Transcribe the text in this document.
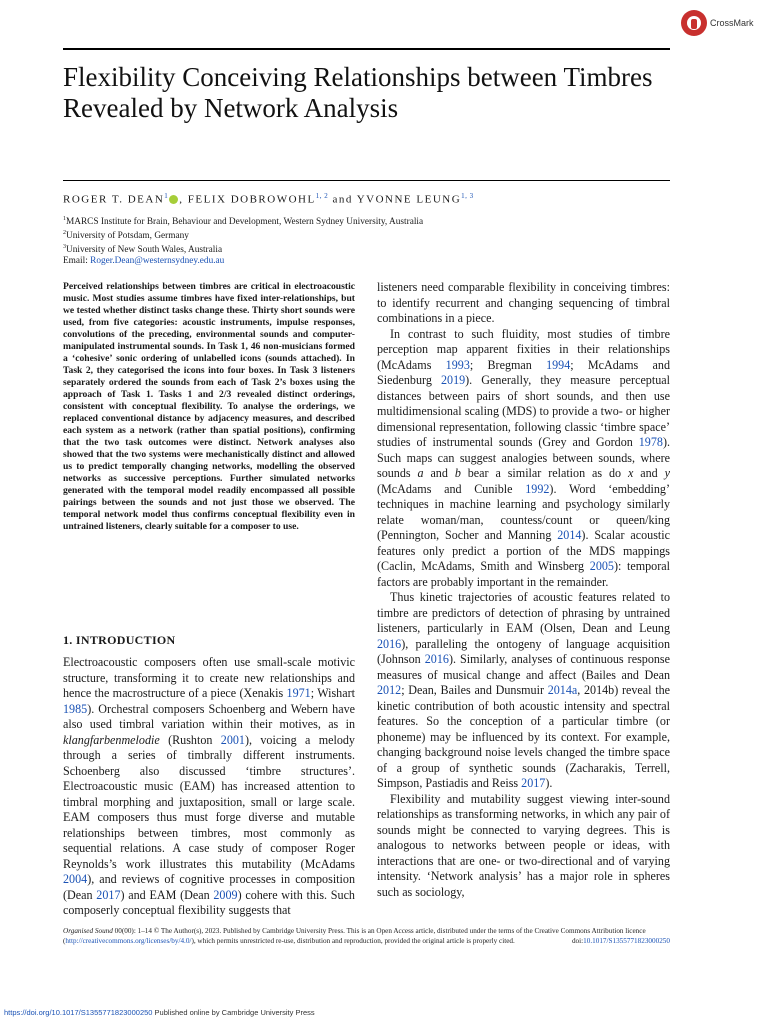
CrossMark
Flexibility Conceiving Relationships between Timbres Revealed by Network Analysis
ROGER T. DEAN$^1$ , FELIX DOBROWOHL$^{1, 2}$ and YVONNE LEUNG$^{1, 3}$
$^1$MARCS Institute for Brain, Behaviour and Development, Western Sydney University, Australia
$^2$University of Potsdam, Germany
$^3$University of New South Wales, Australia
Email: Roger.Dean@westernsydney.edu.au

Perceived relationships between timbres are critical in electroacoustic music. Most studies assume timbres have fixed inter-relationships, but we tested whether distinct tasks change these. Thirty short sounds were used, from five categories: acoustic instruments, impulse responses, convolutions of the preceding, environmental sounds and computer-manipulated instrumental sounds. In Task 1, 46 non-musicians formed a ‘cohesive’ sonic ordering of unlabelled icons (sounds attached). In Task 2, they categorised the icons into four boxes. In Task 3 listeners separately ordered the sounds from each of Task 2’s boxes using the approach of Task 1. Tasks 1 and 2/3 revealed distinct orderings, consistent with conceptual flexibility. To analyse the orderings, we replaced conventional distance by adjacency measures, and described each system as a network (rather than spatial positions), confirming that the two task outcomes were distinct. Network analyses also showed that the two systems were mechanistically distinct and allowed us to predict temporally changing networks, modelling the observed networks as successive perceptions. Further simulated networks generated with the temporal model readily encompassed all possible pairings between the sounds and not just those we observed. The temporal network model thus confirms conceptual flexibility even in untrained listeners, clearly suitable for a composer to use.

1. INTRODUCTION

Electroacoustic composers often use small-scale motivic structure, transforming it to create new relationships and hence the macrostructure of a piece (Xenakis 1971; Wishart 1985). Orchestral composers Schoenberg and Webern have also used timbral variation within their motives, as in klangfarbenmelodie (Rushton 2001), voicing a melody through a series of timbrally different instruments. Schoenberg also discussed ‘timbre structures’. Electroacoustic music (EAM) has increased attention to timbral morphing and juxtaposition, small or large scale. EAM composers thus must forge diverse and mutable relationships between timbres, most commonly as sequential relations. A case study of composer Roger Reynolds’s work illustrates this mutability (McAdams 2004), and reviews of cognitive processes in composition (Dean 2017) and EAM (Dean 2009) cohere with this. Such composerly conceptual flexibility suggests that

listeners need comparable flexibility in conceiving timbres: to identify recurrent and changing sequencing of timbral combinations in a piece.

In contrast to such fluidity, most studies of timbre perception map apparent fixities in their relationships (McAdams 1993; Bregman 1994; McAdams and Siedenburg 2019). Generally, they measure perceptual distances between pairs of short sounds, and then use multidimensional scaling (MDS) to provide a two- or higher dimensional representation, following classic ‘timbre space’ studies of instrumental sounds (Grey and Gordon 1978). Such maps can suggest analogies between sounds, where sounds a and b bear a similar relation as do x and y (McAdams and Cunible 1992). Word ‘embedding’ techniques in machine learning and psychology similarly relate woman/man, countess/count or queen/king (Pennington, Socher and Manning 2014). Scalar acoustic features only predict a portion of the MDS mappings (Caclin, McAdams, Smith and Winsberg 2005): temporal factors are probably important in the remainder.

Thus kinetic trajectories of acoustic features related to timbre are predictors of detection of phrasing by untrained listeners, particularly in EAM (Olsen, Dean and Leung 2016), paralleling the ontogeny of language acquisition (Johnson 2016). Similarly, analyses of continuous response measures of musical change and affect (Bailes and Dean 2012; Dean, Bailes and Dunsmuir 2014a, 2014b) reveal the kinetic contribution of both acoustic intensity and spectral features. So the conception of a particular timbre (or phoneme) may be influenced by its context. For example, changing background noise levels changed the timbre space of a group of synthetic sounds (Zacharakis, Terrell, Simpson, Pastiadis and Reiss 2017).

Flexibility and mutability suggest viewing inter-sound relationships as transforming networks, in which any pair of sounds might be connected to varying degrees. This is analogous to networks between people or ideas, with interactions that are one- or two-directional and of varying intensity. ‘Network analysis’ has a major role in spheres such as sociology,

Organised Sound 00(00): 1–14 © The Author(s), 2023. Published by Cambridge University Press. This is an Open Access article, distributed under the terms of the Creative Commons Attribution licence (http://creativecommons.org/licenses/by/4.0/), which permits unrestricted re-use, distribution and reproduction, provided the original article is properly cited.	doi:10.1017/S1355771823000250
https://doi.org/10.1017/S1355771823000250 Published online by Cambridge University Press
